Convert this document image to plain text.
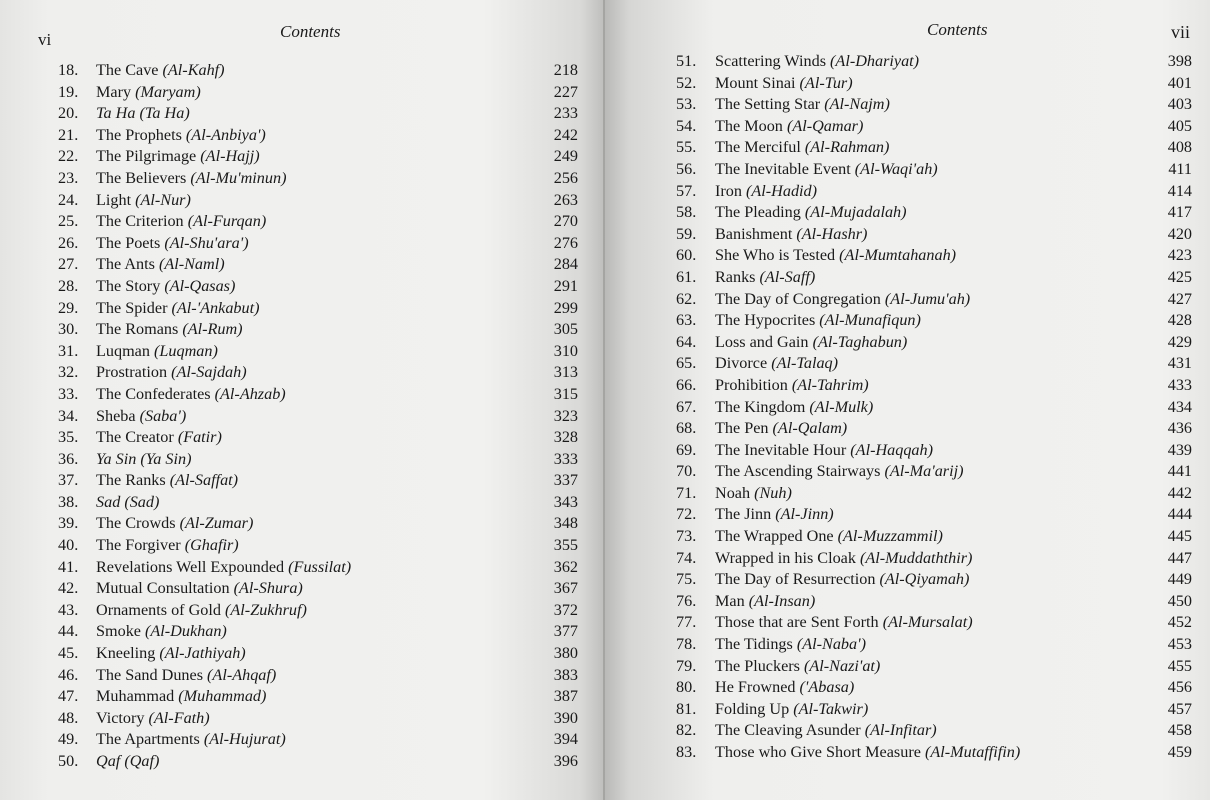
vi	Contents
18. The Cave (Al-Kahf)	218
19. Mary (Maryam)	227
20. Ta Ha (Ta Ha)	233
21. The Prophets (Al-Anbiya')	242
22. The Pilgrimage (Al-Hajj)	249
23. The Believers (Al-Mu'minun)	256
24. Light (Al-Nur)	263
25. The Criterion (Al-Furqan)	270
26. The Poets (Al-Shu'ara')	276
27. The Ants (Al-Naml)	284
28. The Story (Al-Qasas)	291
29. The Spider (Al-'Ankabut)	299
30. The Romans (Al-Rum)	305
31. Luqman (Luqman)	310
32. Prostration (Al-Sajdah)	313
33. The Confederates (Al-Ahzab)	315
34. Sheba (Saba')	323
35. The Creator (Fatir)	328
36. Ya Sin (Ya Sin)	333
37. The Ranks (Al-Saffat)	337
38. Sad (Sad)	343
39. The Crowds (Al-Zumar)	348
40. The Forgiver (Ghafir)	355
41. Revelations Well Expounded (Fussilat)	362
42. Mutual Consultation (Al-Shura)	367
43. Ornaments of Gold (Al-Zukhruf)	372
44. Smoke (Al-Dukhan)	377
45. Kneeling (Al-Jathiyah)	380
46. The Sand Dunes (Al-Ahqaf)	383
47. Muhammad (Muhammad)	387
48. Victory (Al-Fath)	390
49. The Apartments (Al-Hujurat)	394
50. Qaf (Qaf)	396
Contents	vii
51. Scattering Winds (Al-Dhariyat)	398
52. Mount Sinai (Al-Tur)	401
53. The Setting Star (Al-Najm)	403
54. The Moon (Al-Qamar)	405
55. The Merciful (Al-Rahman)	408
56. The Inevitable Event (Al-Waqi'ah)	411
57. Iron (Al-Hadid)	414
58. The Pleading (Al-Mujadalah)	417
59. Banishment (Al-Hashr)	420
60. She Who is Tested (Al-Mumtahanah)	423
61. Ranks (Al-Saff)	425
62. The Day of Congregation (Al-Jumu'ah)	427
63. The Hypocrites (Al-Munafiqun)	428
64. Loss and Gain (Al-Taghabun)	429
65. Divorce (Al-Talaq)	431
66. Prohibition (Al-Tahrim)	433
67. The Kingdom (Al-Mulk)	434
68. The Pen (Al-Qalam)	436
69. The Inevitable Hour (Al-Haqqah)	439
70. The Ascending Stairways (Al-Ma'arij)	441
71. Noah (Nuh)	442
72. The Jinn (Al-Jinn)	444
73. The Wrapped One (Al-Muzzammil)	445
74. Wrapped in his Cloak (Al-Muddaththir)	447
75. The Day of Resurrection (Al-Qiyamah)	449
76. Man (Al-Insan)	450
77. Those that are Sent Forth (Al-Mursalat)	452
78. The Tidings (Al-Naba')	453
79. The Pluckers (Al-Nazi'at)	455
80. He Frowned ('Abasa)	456
81. Folding Up (Al-Takwir)	457
82. The Cleaving Asunder (Al-Infitar)	458
83. Those who Give Short Measure (Al-Mutaffifin)	459
